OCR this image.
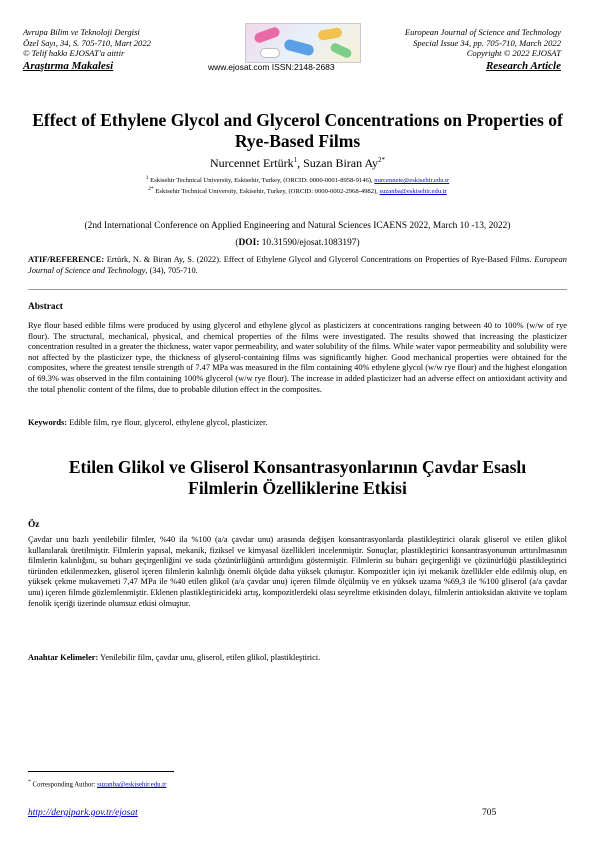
Avrupa Bilim ve Teknoloji Dergisi
Özel Sayı, 34, S. 705-710, Mart 2022
© Telif hakkı EJOSAT'a aittir
Araştırma Makalesi	www.ejosat.com ISSN:2148-2683
European Journal of Science and Technology
Special Issue 34, pp. 705-710, March 2022
Copyright © 2022 EJOSAT
Research Article
Effect of Ethylene Glycol and Glycerol Concentrations on Properties of Rye-Based Films
Nurcennet Ertürk$^1$, Suzan Biran $Ay^{2*}$
$^1$ Eskisehir Technical University, Eskisehir, Turkey, (ORCID: 0000-0001-8958-9146), nurcennete@eskisehir.edu.tr
$^{2*}$ Eskisehir Technical University, Eskisehir, Turkey, (ORCID: 0000-0002-2968-4982), suzanba@eskisehir.edu.tr
(2nd International Conference on Applied Engineering and Natural Sciences ICAENS 2022, March 10 -13, 2022)
(DOI: 10.31590/ejosat.1083197)
ATIF/REFERENCE: Ertürk, N. & Biran Ay, S. (2022). Effect of Ethylene Glycol and Glycerol Concentrations on Properties of Rye-Based Films. European Journal of Science and Technology, (34), 705-710.
Abstract
Rye flour based edible films were produced by using glycerol and ethylene glycol as plasticizers at concentrations ranging between 40 to 100% (w/w of rye flour). The structural, mechanical, physical, and chemical properties of the films were investigated. The results showed that increasing the plasticizer concentration resulted in a greater the thickness, water vapor permeability, and water solubility of the films. While water vapor permeability and solubility were not affected by the plasticizer type, the thickness of glyserol-containing films was significantly higher. Good mechanical properties were obtained for the composites, where the greatest tensile strength of 7.47 MPa was measured in the film containing 40% ethylene glycol (w/w rye flour) and the highest elongation of 69.3% was observed in the film containing 100% glycerol (w/w rye flour). The increase in added plasticizer had an adverse effect on antioxidant activity and the total phenolic content of the films, due to probable dilution effect in the composites.
Keywords: Edible film, rye flour, glycerol, ethylene glycol, plasticizer.
Etilen Glikol ve Gliserol Konsantrasyonlarının Çavdar Esaslı Filmlerin Özelliklerine Etkisi
Öz
Çavdar unu bazlı yenilebilir filmler, %40 ila %100 (a/a çavdar unu) arasında değişen konsantrasyonlarda plastikleştirici olarak gliserol ve etilen glikol kullanılarak üretilmiştir. Filmlerin yapısal, mekanik, fiziksel ve kimyasal özellikleri incelenmiştir. Sonuçlar, plastikleştirici konsantrasyonunun arttırılmasının filmlerin kalınlığını, su buharı geçirgenliğini ve suda çözünürlüğünü arttırdığını göstermiştir. Filmlerin su buharı geçirgenliği ve çözünürlüğü plastikleştirici türünden etkilenmezken, gliserol içeren filmlerin kalınlığı önemli ölçüde daha yüksek çıkmıştır. Kompozitler için iyi mekanik özellikler elde edilmiş olup, en yüksek çekme mukavemeti 7,47 MPa ile %40 etilen glikol (a/a çavdar unu) içeren filmde ölçülmüş ve en yüksek uzama %69,3 ile %100 gliserol (a/a çavdar unu) içeren filmde gözlemlenmiştir. Eklenen plastikleştiricideki artış, kompozitlerdeki olası seyreltme etkisinden dolayı, filmlerin antioksidan aktivite ve toplam fenolik içeriği üzerinde olumsuz etkisi olmuştur.
Anahtar Kelimeler: Yenilebilir film, çavdar unu, gliserol, etilen glikol, plastikleştirici.
* Corresponding Author: suzanba@eskisehir.edu.tr
http://dergipark.gov.tr/ejosat	705
